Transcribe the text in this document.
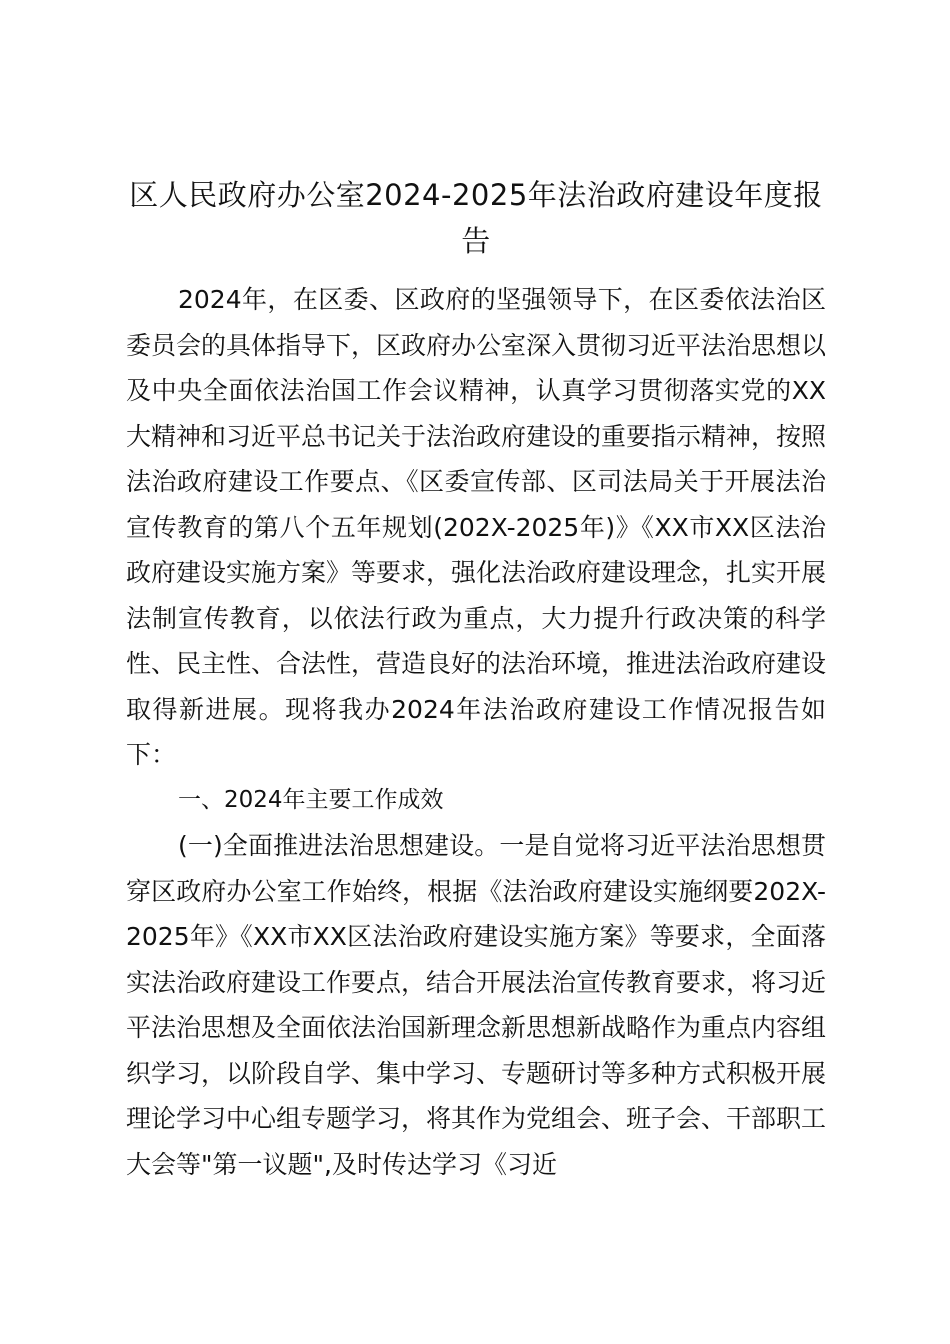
区人民政府办公室2024-2025年法治政府建设年度报告

2024年，在区委、区政府的坚强领导下，在区委依法治区委员会的具体指导下，区政府办公室深入贯彻习近平法治思想以及中央全面依法治国工作会议精神，认真学习贯彻落实党的XX大精神和习近平总书记关于法治政府建设的重要指示精神，按照法治政府建设工作要点、《区委宣传部、区司法局关于开展法治宣传教育的第八个五年规划(202X-2025年)》《XX市XX区法治政府建设实施方案》等要求，强化法治政府建设理念，扎实开展法制宣传教育，以依法行政为重点，大力提升行政决策的科学性、民主性、合法性，营造良好的法治环境，推进法治政府建设取得新进展。现将我办2024年法治政府建设工作情况报告如下：

一、2024年主要工作成效

(一)全面推进法治思想建设。一是自觉将习近平法治思想贯穿区政府办公室工作始终，根据《法治政府建设实施纲要202X-2025年》《XX市XX区法治政府建设实施方案》等要求，全面落实法治政府建设工作要点，结合开展法治宣传教育要求，将习近平法治思想及全面依法治国新理念新思想新战略作为重点内容组织学习，以阶段自学、集中学习、专题研讨等多种方式积极开展理论学习中心组专题学习，将其作为党组会、班子会、干部职工大会等"第一议题",及时传达学习《习近
